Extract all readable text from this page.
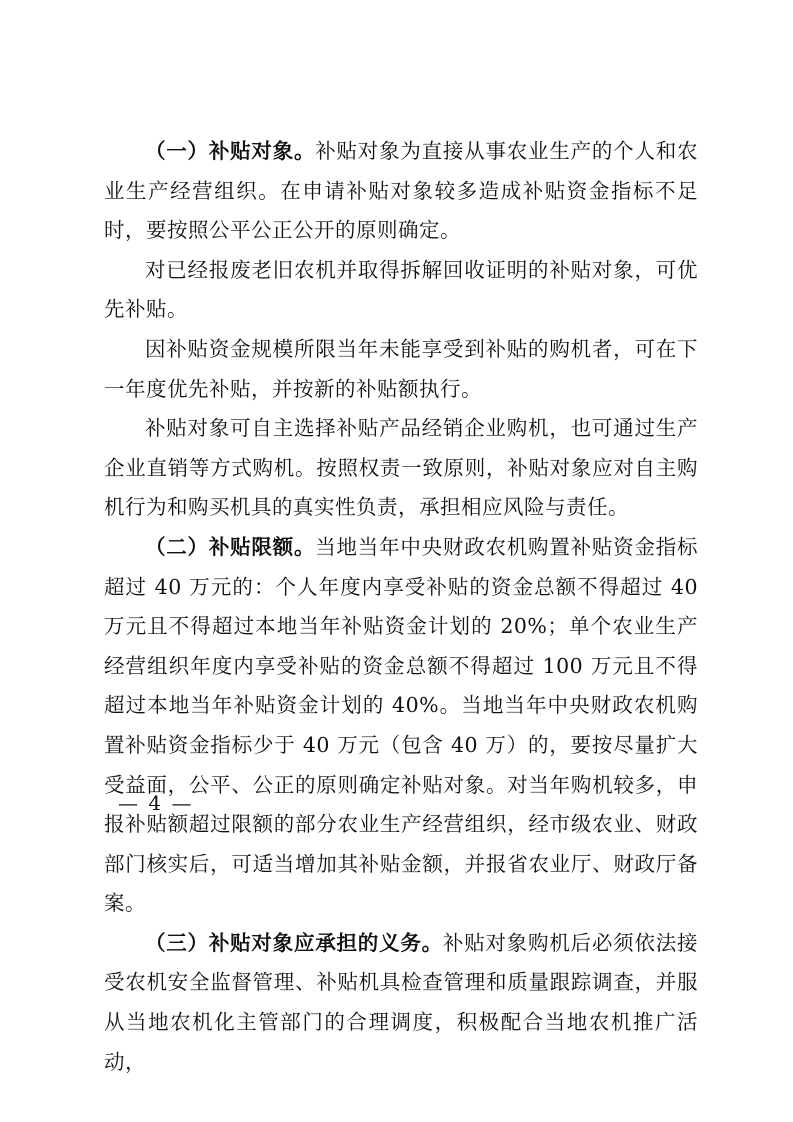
（一）补贴对象。补贴对象为直接从事农业生产的个人和农业生产经营组织。在申请补贴对象较多造成补贴资金指标不足时，要按照公平公正公开的原则确定。

对已经报废老旧农机并取得拆解回收证明的补贴对象，可优先补贴。

因补贴资金规模所限当年未能享受到补贴的购机者，可在下一年度优先补贴，并按新的补贴额执行。

补贴对象可自主选择补贴产品经销企业购机，也可通过生产企业直销等方式购机。按照权责一致原则，补贴对象应对自主购机行为和购买机具的真实性负责，承担相应风险与责任。

（二）补贴限额。当地当年中央财政农机购置补贴资金指标超过 40 万元的：个人年度内享受补贴的资金总额不得超过 40 万元且不得超过本地当年补贴资金计划的 20%；单个农业生产经营组织年度内享受补贴的资金总额不得超过 100 万元且不得超过本地当年补贴资金计划的 40%。当地当年中央财政农机购置补贴资金指标少于 40 万元（包含 40 万）的，要按尽量扩大受益面，公平、公正的原则确定补贴对象。对当年购机较多，申报补贴额超过限额的部分农业生产经营组织，经市级农业、财政部门核实后，可适当增加其补贴金额，并报省农业厅、财政厅备案。

（三）补贴对象应承担的义务。补贴对象购机后必须依法接受农机安全监督管理、补贴机具检查管理和质量跟踪调查，并服从当地农机化主管部门的合理调度，积极配合当地农机推广活动，

— 4 —
